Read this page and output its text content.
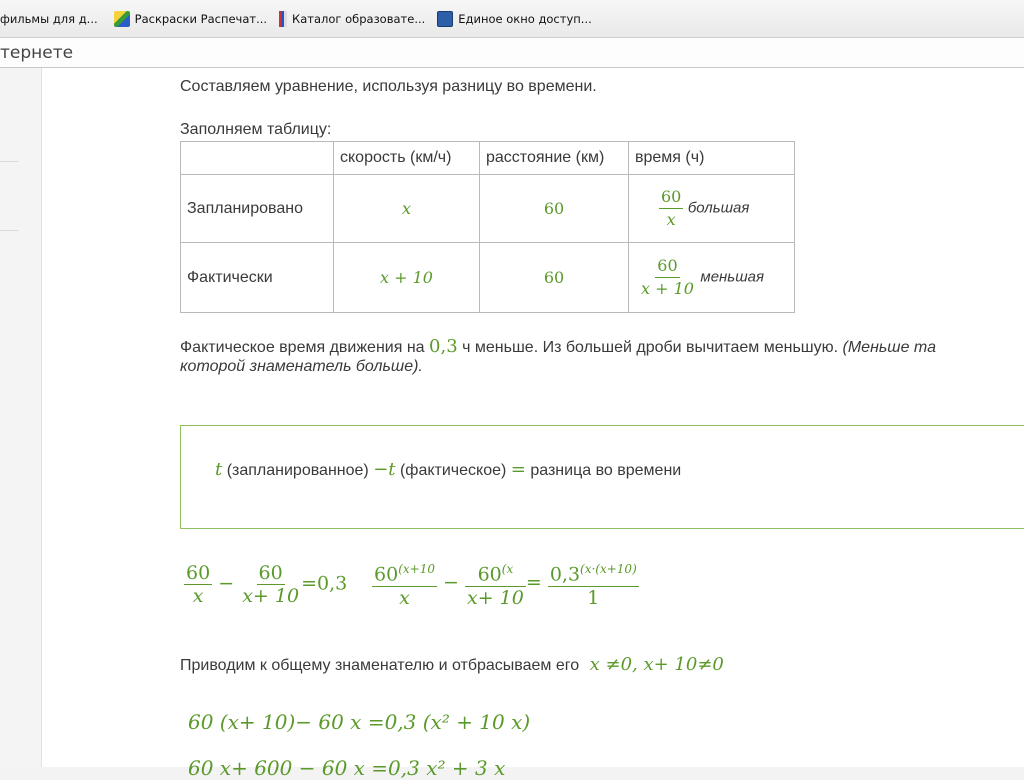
фильмы для д...	Раскраски Распечат... Каталог образовате...	Единое окно доступ...
тернете
Составляем уравнение, используя разницу во времени.
Заполняем таблицу:
	скорость (км/ч)	расстояние (км)	время (ч)
Запланировано	x	60	$\frac{60}{x}$ большая
Фактически	x + 10	60	$\frac{60}{x + 10}$ меньшая
Фактическое время движения на 0,3 ч меньше. Из большей дроби вычитаем меньшую. (Меньше та
которой знаменатель больше).
t (запланированное) −t (фактическое) = разница во времени
$\frac{60}{x} - \frac{60}{x+ 10} =0,3 \frac{60^{(x+10}}{x} - \frac{60^{(x}}{x+ 10} = \frac{0,3^{(x\cdot(x+10)}}{1}$
Приводим к общему знаменателю и отбрасываем его x ≠0, x+ 10≠0
60 (x+ 10)− 60 x =0,3 (x² + 10 x)
60 x+ 600 − 60 x =0,3 x² + 3 x
